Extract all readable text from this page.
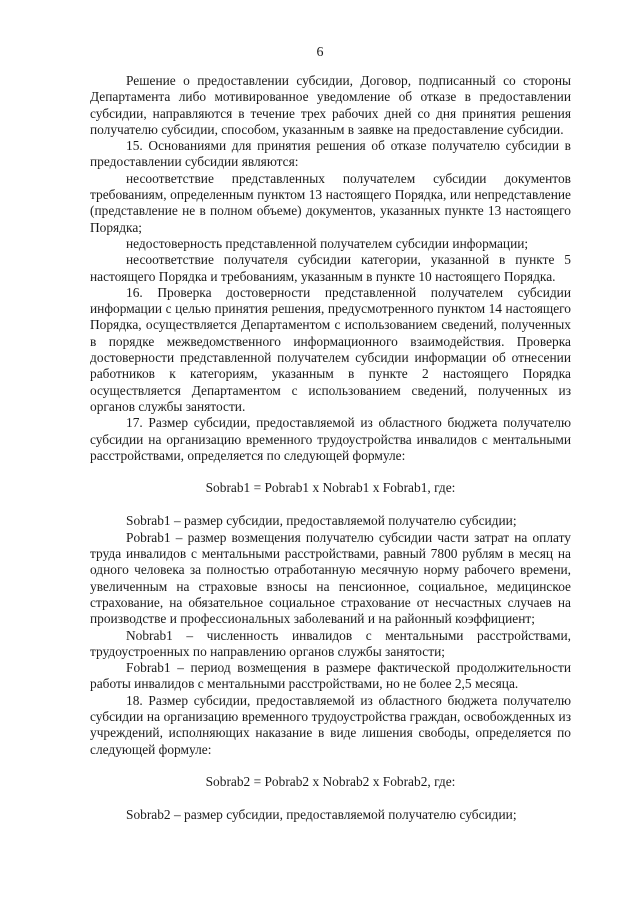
6

Решение о предоставлении субсидии, Договор, подписанный со стороны Департамента либо мотивированное уведомление об отказе в предоставлении субсидии, направляются в течение трех рабочих дней со дня принятия решения получателю субсидии, способом, указанным в заявке на предоставление субсидии.

15. Основаниями для принятия решения об отказе получателю субсидии в предоставлении субсидии являются:

несоответствие представленных получателем субсидии документов требованиям, определенным пунктом 13 настоящего Порядка, или непредставление (представление не в полном объеме) документов, указанных пункте 13 настоящего Порядка;

недостоверность представленной получателем субсидии информации;

несоответствие получателя субсидии категории, указанной в пункте 5 настоящего Порядка и требованиям, указанным в пункте 10 настоящего Порядка.

16. Проверка достоверности представленной получателем субсидии информации с целью принятия решения, предусмотренного пунктом 14 настоящего Порядка, осуществляется Департаментом с использованием сведений, полученных в порядке межведомственного информационного взаимодействия. Проверка достоверности представленной получателем субсидии информации об отнесении работников к категориям, указанным в пункте 2 настоящего Порядка осуществляется Департаментом с использованием сведений, полученных из органов службы занятости.

17. Размер субсидии, предоставляемой из областного бюджета получателю субсидии на организацию временного трудоустройства инвалидов с ментальными расстройствами, определяется по следующей формуле:

Sobrab1 = Pobrab1 x Nobrab1 x Fobrab1, где:

Sobrab1 – размер субсидии, предоставляемой получателю субсидии;

Pobrab1 – размер возмещения получателю субсидии части затрат на оплату труда инвалидов с ментальными расстройствами, равный 7800 рублям в месяц на одного человека за полностью отработанную месячную норму рабочего времени, увеличенным на страховые взносы на пенсионное, социальное, медицинское страхование, на обязательное социальное страхование от несчастных случаев на производстве и профессиональных заболеваний и на районный коэффициент;

Nobrab1 – численность инвалидов с ментальными расстройствами, трудоустроенных по направлению органов службы занятости;

Fobrab1 – период возмещения в размере фактической продолжительности работы инвалидов с ментальными расстройствами, но не более 2,5 месяца.

18. Размер субсидии, предоставляемой из областного бюджета получателю субсидии на организацию временного трудоустройства граждан, освобожденных из учреждений, исполняющих наказание в виде лишения свободы, определяется по следующей формуле:

Sobrab2 = Pobrab2 x Nobrab2 x Fobrab2, где:

Sobrab2 – размер субсидии, предоставляемой получателю субсидии;
